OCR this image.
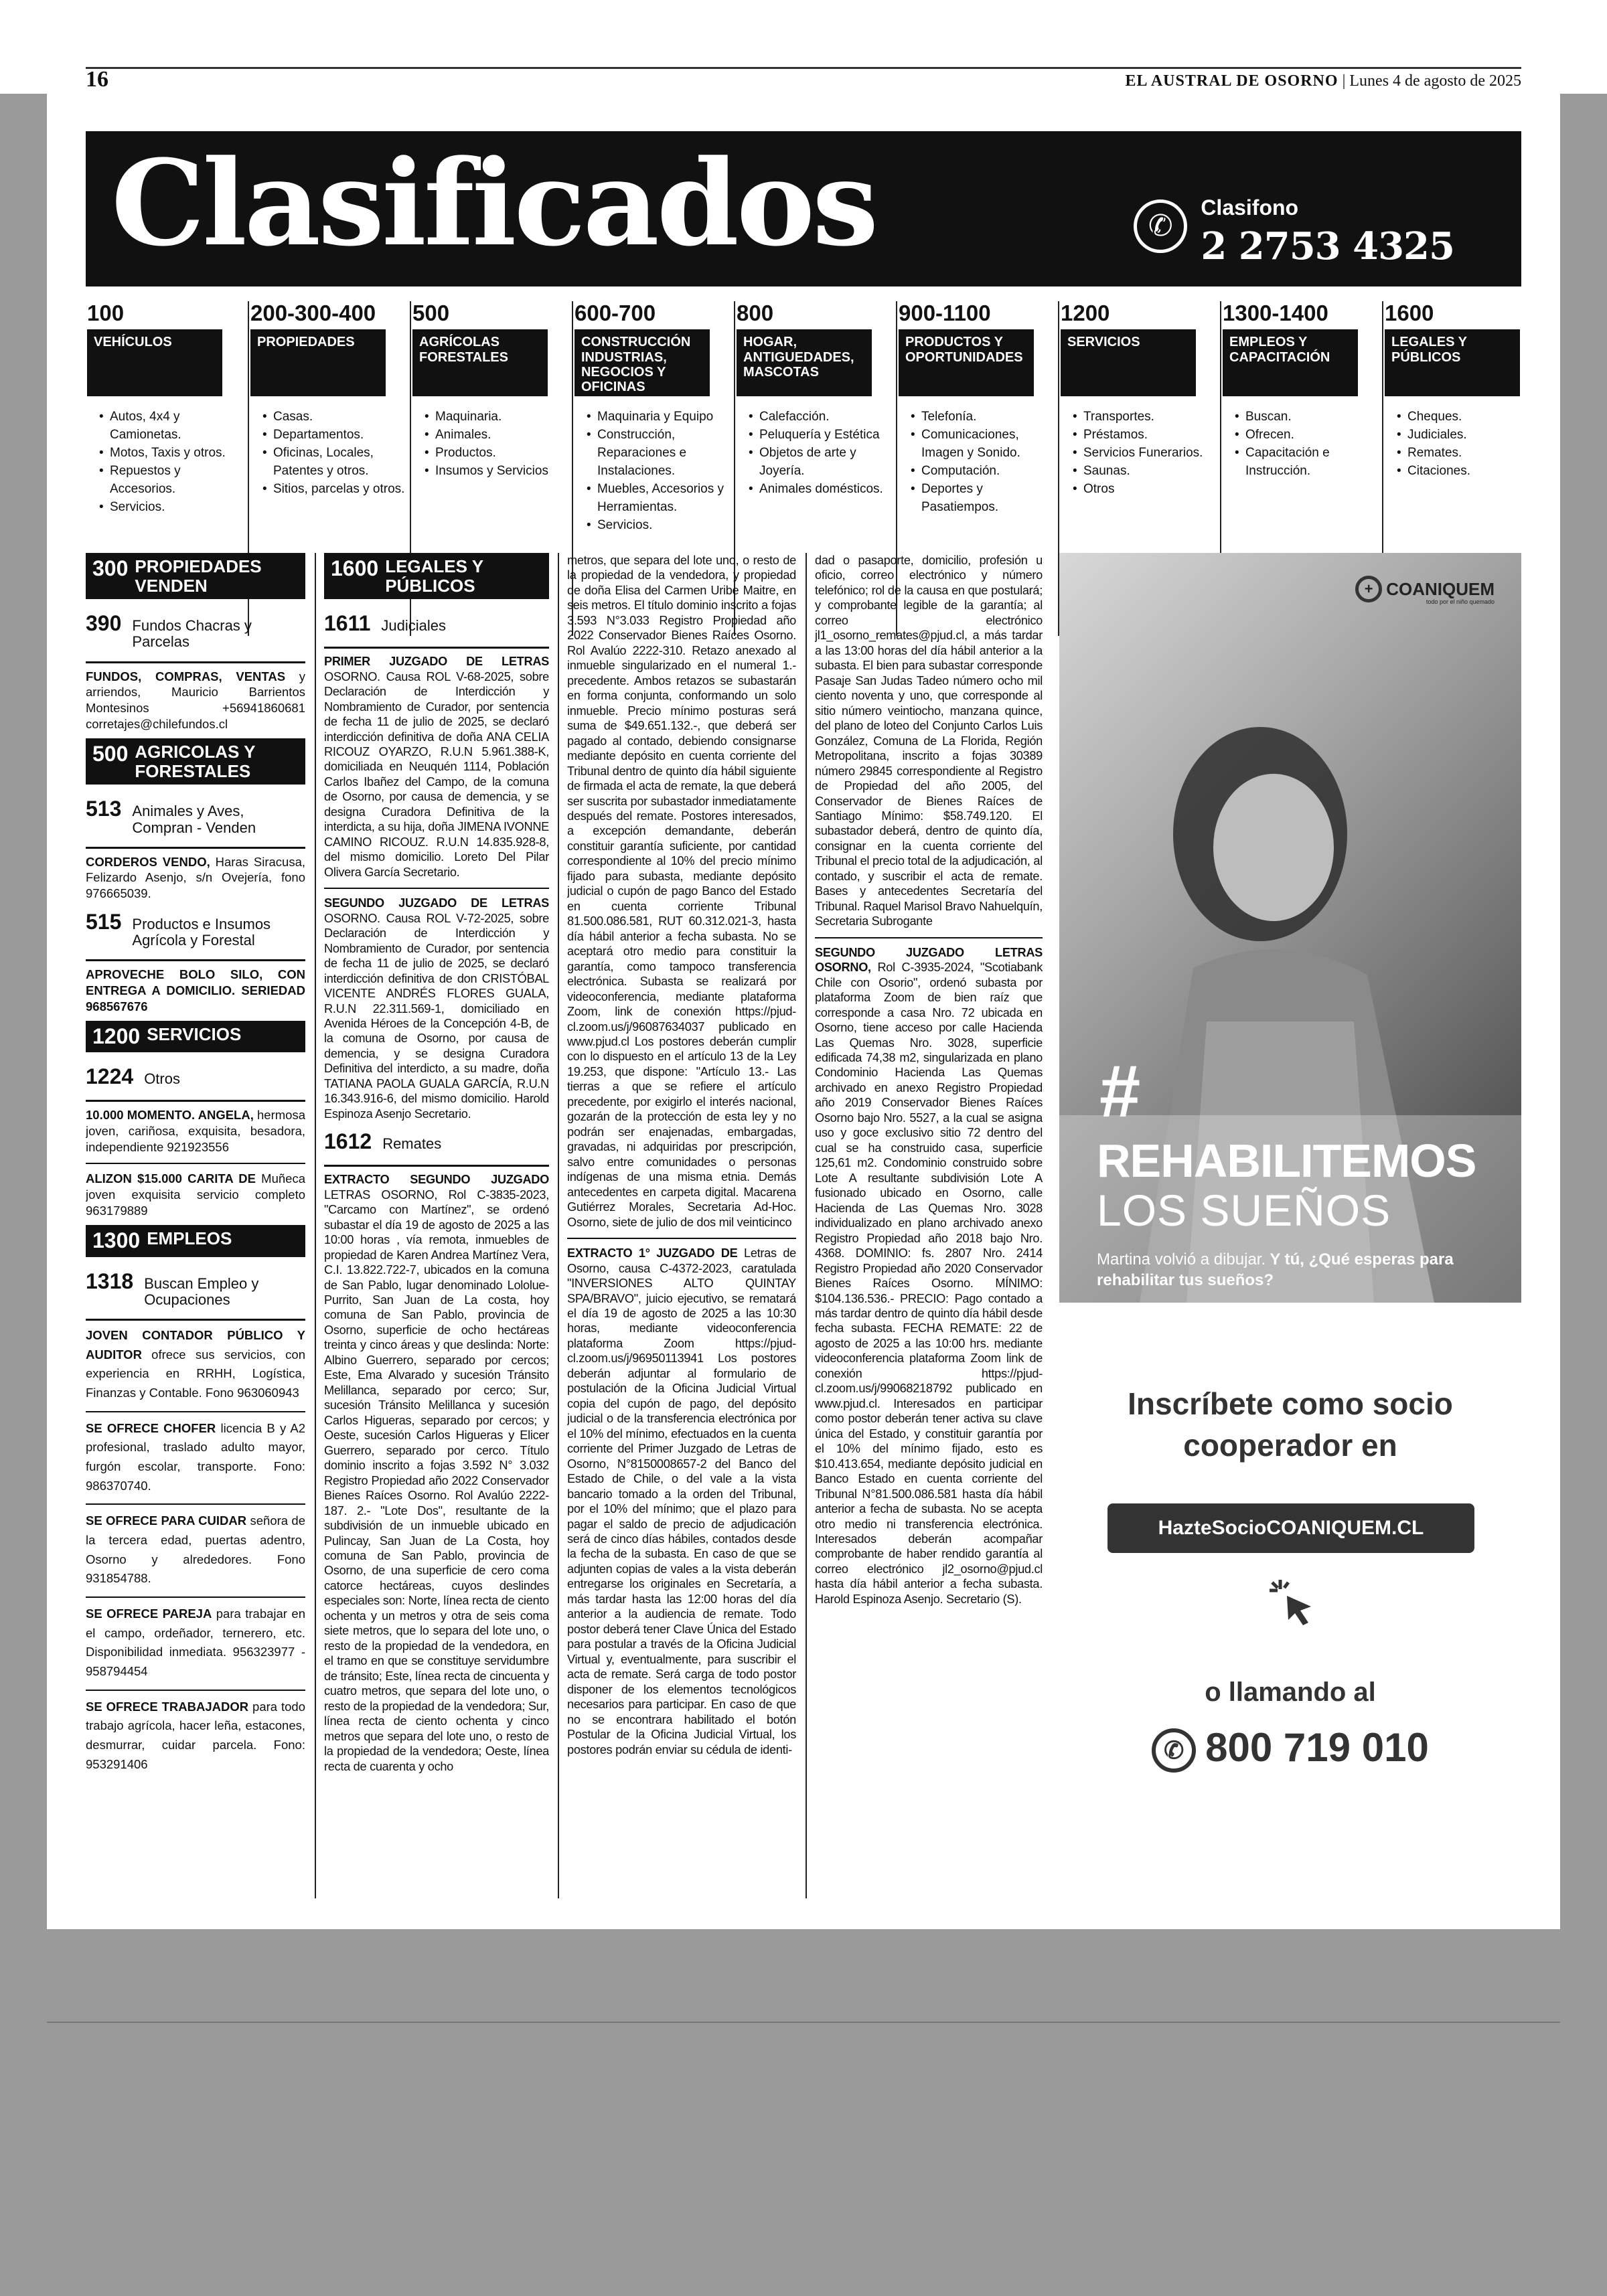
16	EL AUSTRAL DE OSORNO | Lunes 4 de agosto de 2025
Clasificados	✆
Clasifono
2 2753 4325
100
VEHÍCULOS
• Autos, 4x4 y Camionetas.
• Motos, Taxis y otros.
• Repuestos y Accesorios.
• Servicios.
200-300-400
PROPIEDADES
• Casas.
• Departamentos.
• Oficinas, Locales, Patentes y otros.
• Sitios, parcelas y otros.
500
AGRÍCOLAS FORESTALES
• Maquinaria.
• Animales.
• Productos.
• Insumos y Servicios
600-700
CONSTRUCCIÓN INDUSTRIAS, NEGOCIOS Y OFICINAS
• Maquinaria y Equipo
• Construcción, Reparaciones e Instalaciones.
• Muebles, Accesorios y Herramientas.
• Servicios.
800
HOGAR, ANTIGUEDADES, MASCOTAS
• Calefacción.
• Peluquería y Estética
• Objetos de arte y Joyería.
• Animales domésticos.
900-1100
PRODUCTOS Y OPORTUNIDADES
• Telefonía.
• Comunicaciones, Imagen y Sonido.
• Computación.
• Deportes y Pasatiempos.
1200
SERVICIOS
• Transportes.
• Préstamos.
• Servicios Funerarios.
• Saunas.
• Otros
1300-1400
EMPLEOS Y CAPACITACIÓN
• Buscan.
• Ofrecen.
• Capacitación e Instrucción.
1600
LEGALES Y PÚBLICOS
• Cheques.
• Judiciales.
• Remates.
• Citaciones.
300 PROPIEDADES VENDEN
390 Fundos Chacras y Parcelas

FUNDOS, COMPRAS, VENTAS y arriendos, Mauricio Barrientos Montesinos +56941860681 corretajes@chilefundos.cl

500 AGRICOLAS Y FORESTALES
513 Animales y Aves, Compran - Venden

CORDEROS VENDO, Haras Siracusa, Felizardo Asenjo, s/n Ovejería, fono 976665039.

515 Productos e Insumos Agrícola y Forestal

APROVECHE BOLO SILO, CON ENTREGA A DOMICILIO. SERIEDAD 968567676

1200 SERVICIOS
1224 Otros

10.000 MOMENTO. ANGELA, hermosa joven, cariñosa, exquisita, besadora, independiente 921923556

ALIZON $15.000 CARITA DE Muñeca joven exquisita servicio completo 963179889

1300 EMPLEOS
1318 Buscan Empleo y Ocupaciones

JOVEN CONTADOR PÚBLICO Y AUDITOR ofrece sus servicios, con experiencia en RRHH, Logística, Finanzas y Contable. Fono 963060943

SE OFRECE CHOFER licencia B y A2 profesional, traslado adulto mayor, furgón escolar, transporte. Fono: 986370740.

SE OFRECE PARA CUIDAR señora de la tercera edad, puertas adentro, Osorno y alrededores. Fono 931854788.

SE OFRECE PAREJA para trabajar en el campo, ordeñador, ternerero, etc. Disponibilidad inmediata. 956323977 - 958794454

SE OFRECE TRABAJADOR para todo trabajo agrícola, hacer leña, estacones, desmurrar, cuidar parcela. Fono: 953291406

1600 LEGALES Y PÚBLICOS
1611 Judiciales

PRIMER JUZGADO DE LETRAS OSORNO. Causa ROL V-68-2025, sobre Declaración de Interdicción y Nombramiento de Curador, por sentencia de fecha 11 de julio de 2025, se declaró interdicción definitiva de doña ANA CELIA RICOUZ OYARZO, R.U.N 5.961.388-K, domiciliada en Neuquén 1114, Población Carlos Ibañez del Campo, de la comuna de Osorno, por causa de demencia, y se designa Curadora Definitiva de la interdicta, a su hija, doña JIMENA IVONNE CAMINO RICOUZ. R.U.N 14.835.928-8, del mismo domicilio. Loreto Del Pilar Olivera García Secretario.

SEGUNDO JUZGADO DE LETRAS OSORNO. Causa ROL V-72-2025, sobre Declaración de Interdicción y Nombramiento de Curador, por sentencia de fecha 11 de julio de 2025, se declaró interdicción definitiva de don CRISTÓBAL VICENTE ANDRÉS FLORES GUALA, R.U.N 22.311.569-1, domiciliado en Avenida Héroes de la Concepción 4-B, de la comuna de Osorno, por causa de demencia, y se designa Curadora Definitiva del interdicto, a su madre, doña TATIANA PAOLA GUALA GARCÍA, R.U.N 16.343.916-6, del mismo domicilio. Harold Espinoza Asenjo Secretario.

1612 Remates

EXTRACTO SEGUNDO JUZGADO LETRAS OSORNO, Rol C-3835-2023, "Carcamo con Martínez", se ordenó subastar el día 19 de agosto de 2025 a las 10:00 horas , vía remota, inmuebles de propiedad de Karen Andrea Martínez Vera, C.I. 13.822.722-7, ubicados en la comuna de San Pablo, lugar denominado Lololue- Purrito, San Juan de La costa, hoy comuna de San Pablo, provincia de Osorno, superficie de ocho hectáreas treinta y cinco áreas y que deslinda: Norte: Albino Guerrero, separado por cercos; Este, Ema Alvarado y sucesión Tránsito Melillanca, separado por cerco; Sur, sucesión Tránsito Melillanca y sucesión Carlos Higueras, separado por cercos; y Oeste, sucesión Carlos Higueras y Elicer Guerrero, separado por cerco. Título dominio inscrito a fojas 3.592 N° 3.032 Registro Propiedad año 2022 Conservador Bienes Raíces Osorno. Rol Avalúo 2222-187. 2.- "Lote Dos", resultante de la subdivisión de un inmueble ubicado en Pulincay, San Juan de La Costa, hoy comuna de San Pablo, provincia de Osorno, de una superficie de cero coma catorce hectáreas, cuyos deslindes especiales son: Norte, línea recta de ciento ochenta y un metros y otra de seis coma siete metros, que lo separa del lote uno, o resto de la propiedad de la vendedora, en el tramo en que se constituye servidumbre de tránsito; Este, línea recta de cincuenta y cuatro metros, que separa del lote uno, o resto de la propiedad de la vendedora; Sur, línea recta de ciento ochenta y cinco metros que separa del lote uno, o resto de la propiedad de la vendedora; Oeste, línea recta de cuarenta y ocho

metros, que separa del lote uno, o resto de la propiedad de la vendedora, y propiedad de doña Elisa del Carmen Uribe Maitre, en seis metros. El título dominio inscrito a fojas 3.593 N°3.033 Registro Propiedad año 2022 Conservador Bienes Raíces Osorno. Rol Avalúo 2222-310. Retazo anexado al inmueble singularizado en el numeral 1.- precedente. Ambos retazos se subastarán en forma conjunta, conformando un solo inmueble. Precio mínimo posturas será suma de $49.651.132.-, que deberá ser pagado al contado, debiendo consignarse mediante depósito en cuenta corriente del Tribunal dentro de quinto día hábil siguiente de firmada el acta de remate, la que deberá ser suscrita por subastador inmediatamente después del remate. Postores interesados, a excepción demandante, deberán constituir garantía suficiente, por cantidad correspondiente al 10% del precio mínimo fijado para subasta, mediante depósito judicial o cupón de pago Banco del Estado en cuenta corriente Tribunal 81.500.086.581, RUT 60.312.021-3, hasta día hábil anterior a fecha subasta. No se aceptará otro medio para constituir la garantía, como tampoco transferencia electrónica. Subasta se realizará por videoconferencia, mediante plataforma Zoom, link de conexión https://pjud-cl.zoom.us/j/96087634037 publicado en www.pjud.cl Los postores deberán cumplir con lo dispuesto en el artículo 13 de la Ley 19.253, que dispone: "Artículo 13.- Las tierras a que se refiere el artículo precedente, por exigirlo el interés nacional, gozarán de la protección de esta ley y no podrán ser enajenadas, embargadas, gravadas, ni adquiridas por prescripción, salvo entre comunidades o personas indígenas de una misma etnia. Demás antecedentes en carpeta digital. Macarena Gutiérrez Morales, Secretaria Ad-Hoc. Osorno, siete de julio de dos mil veinticinco

EXTRACTO 1° JUZGADO DE Letras de Osorno, causa C-4372-2023, caratulada "INVERSIONES ALTO QUINTAY SPA/BRAVO", juicio ejecutivo, se rematará el día 19 de agosto de 2025 a las 10:30 horas, mediante videoconferencia plataforma Zoom https://pjud-cl.zoom.us/j/96950113941 Los postores deberán adjuntar al formulario de postulación de la Oficina Judicial Virtual copia del cupón de pago, del depósito judicial o de la transferencia electrónica por el 10% del mínimo, efectuados en la cuenta corriente del Primer Juzgado de Letras de Osorno, N°8150008657-2 del Banco del Estado de Chile, o del vale a la vista bancario tomado a la orden del Tribunal, por el 10% del mínimo; que el plazo para pagar el saldo de precio de adjudicación será de cinco días hábiles, contados desde la fecha de la subasta. En caso de que se adjunten copias de vales a la vista deberán entregarse los originales en Secretaría, a más tardar hasta las 12:00 horas del día anterior a la audiencia de remate. Todo postor deberá tener Clave Única del Estado para postular a través de la Oficina Judicial Virtual y, eventualmente, para suscribir el acta de remate. Será carga de todo postor disponer de los elementos tecnológicos necesarios para participar. En caso de que no se encontrara habilitado el botón Postular de la Oficina Judicial Virtual, los postores podrán enviar su cédula de identi-

dad o pasaporte, domicilio, profesión u oficio, correo electrónico y número telefónico; rol de la causa en que postulará; y comprobante legible de la garantía; al correo electrónico jl1_osorno_remates@pjud.cl, a más tardar a las 13:00 horas del día hábil anterior a la subasta. El bien para subastar corresponde Pasaje San Judas Tadeo número ocho mil ciento noventa y uno, que corresponde al sitio número veintiocho, manzana quince, del plano de loteo del Conjunto Carlos Luis González, Comuna de La Florida, Región Metropolitana, inscrito a fojas 30389 número 29845 correspondiente al Registro de Propiedad del año 2005, del Conservador de Bienes Raíces de Santiago Mínimo: $58.749.120. El subastador deberá, dentro de quinto día, consignar en la cuenta corriente del Tribunal el precio total de la adjudicación, al contado, y suscribir el acta de remate. Bases y antecedentes Secretaría del Tribunal. Raquel Marisol Bravo Nahuelquín, Secretaria Subrogante

SEGUNDO JUZGADO LETRAS OSORNO, Rol C-3935-2024, "Scotiabank Chile con Osorio", ordenó subasta por plataforma Zoom de bien raíz que corresponde a casa Nro. 72 ubicada en Osorno, tiene acceso por calle Hacienda Las Quemas Nro. 3028, superficie edificada 74,38 m2, singularizada en plano Condominio Hacienda Las Quemas archivado en anexo Registro Propiedad año 2019 Conservador Bienes Raíces Osorno bajo Nro. 5527, a la cual se asigna uso y goce exclusivo sitio 72 dentro del cual se ha construido casa, superficie 125,61 m2. Condominio construido sobre Lote A resultante subdivisión Lote A fusionado ubicado en Osorno, calle Hacienda de Las Quemas Nro. 3028 individualizado en plano archivado anexo Registro Propiedad año 2018 bajo Nro. 4368. DOMINIO: fs. 2807 Nro. 2414 Registro Propiedad año 2020 Conservador Bienes Raíces Osorno. MÍNIMO: $104.136.536.- PRECIO: Pago contado a más tardar dentro de quinto día hábil desde fecha subasta. FECHA REMATE: 22 de agosto de 2025 a las 10:00 hrs. mediante videoconferencia plataforma Zoom link de conexión https://pjud-cl.zoom.us/j/99068218792 publicado en www.pjud.cl. Interesados en participar como postor deberán tener activa su clave única del Estado, y constituir garantía por el 10% del mínimo fijado, esto es $10.413.654, mediante depósito judicial en Banco Estado en cuenta corriente del Tribunal N°81.500.086.581 hasta día hábil anterior a fecha de subasta. No se acepta otro medio ni transferencia electrónica. Interesados deberán acompañar comprobante de haber rendido garantía al correo electrónico jl2_osorno@pjud.cl hasta día hábil anterior a fecha subasta. Harold Espinoza Asenjo. Secretario (S).

+ COANIQUEM
todo por el niño quemado
#
REHABILITEMOS
LOS SUEÑOS
Martina volvió a dibujar. Y tú, ¿Qué esperas para rehabilitar tus sueños?
Inscríbete como socio cooperador en
HazteSocioCOANIQUEM.CL
o llamando al
✆ 800 719 010
